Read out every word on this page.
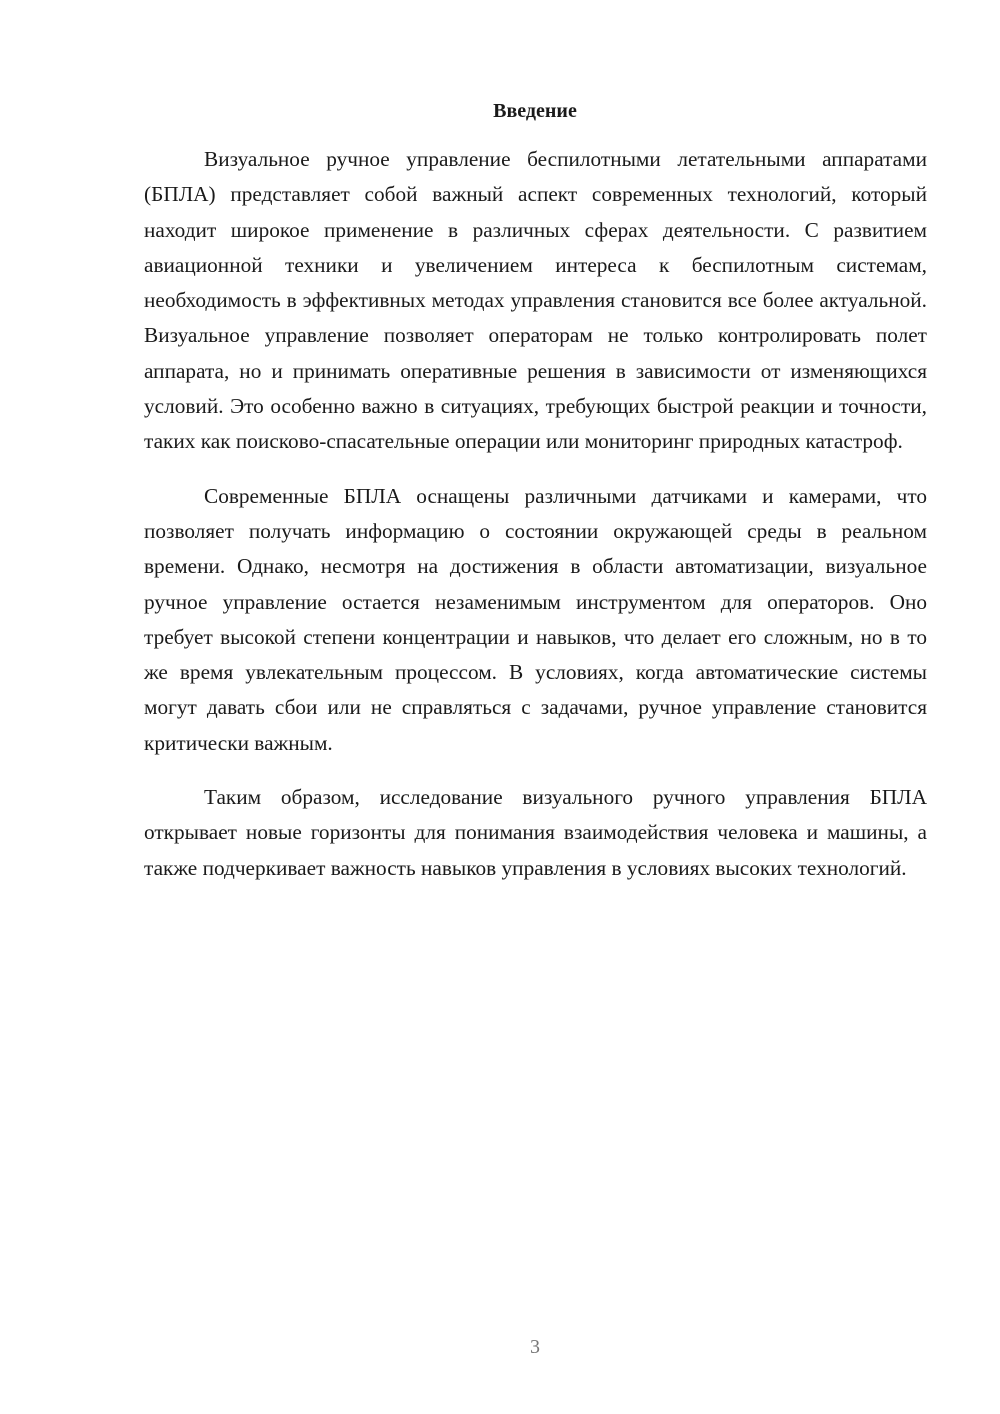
Введение

Визуальное ручное управление беспилотными летательными аппаратами (БПЛА) представляет собой важный аспект современных технологий, который находит широкое применение в различных сферах деятельности. С развитием авиационной техники и увеличением интереса к беспилотным системам, необходимость в эффективных методах управления становится все более актуальной. Визуальное управление позволяет операторам не только контролировать полет аппарата, но и принимать оперативные решения в зависимости от изменяющихся условий. Это особенно важно в ситуациях, требующих быстрой реакции и точности, таких как поисково-спасательные операции или мониторинг природных катастроф.

Современные БПЛА оснащены различными датчиками и камерами, что позволяет получать информацию о состоянии окружающей среды в реальном времени. Однако, несмотря на достижения в области автоматизации, визуальное ручное управление остается незаменимым инструментом для операторов. Оно требует высокой степени концентрации и навыков, что делает его сложным, но в то же время увлекательным процессом. В условиях, когда автоматические системы могут давать сбои или не справляться с задачами, ручное управление становится критически важным.

Таким образом, исследование визуального ручного управления БПЛА открывает новые горизонты для понимания взаимодействия человека и машины, а также подчеркивает важность навыков управления в условиях высоких технологий.

3
